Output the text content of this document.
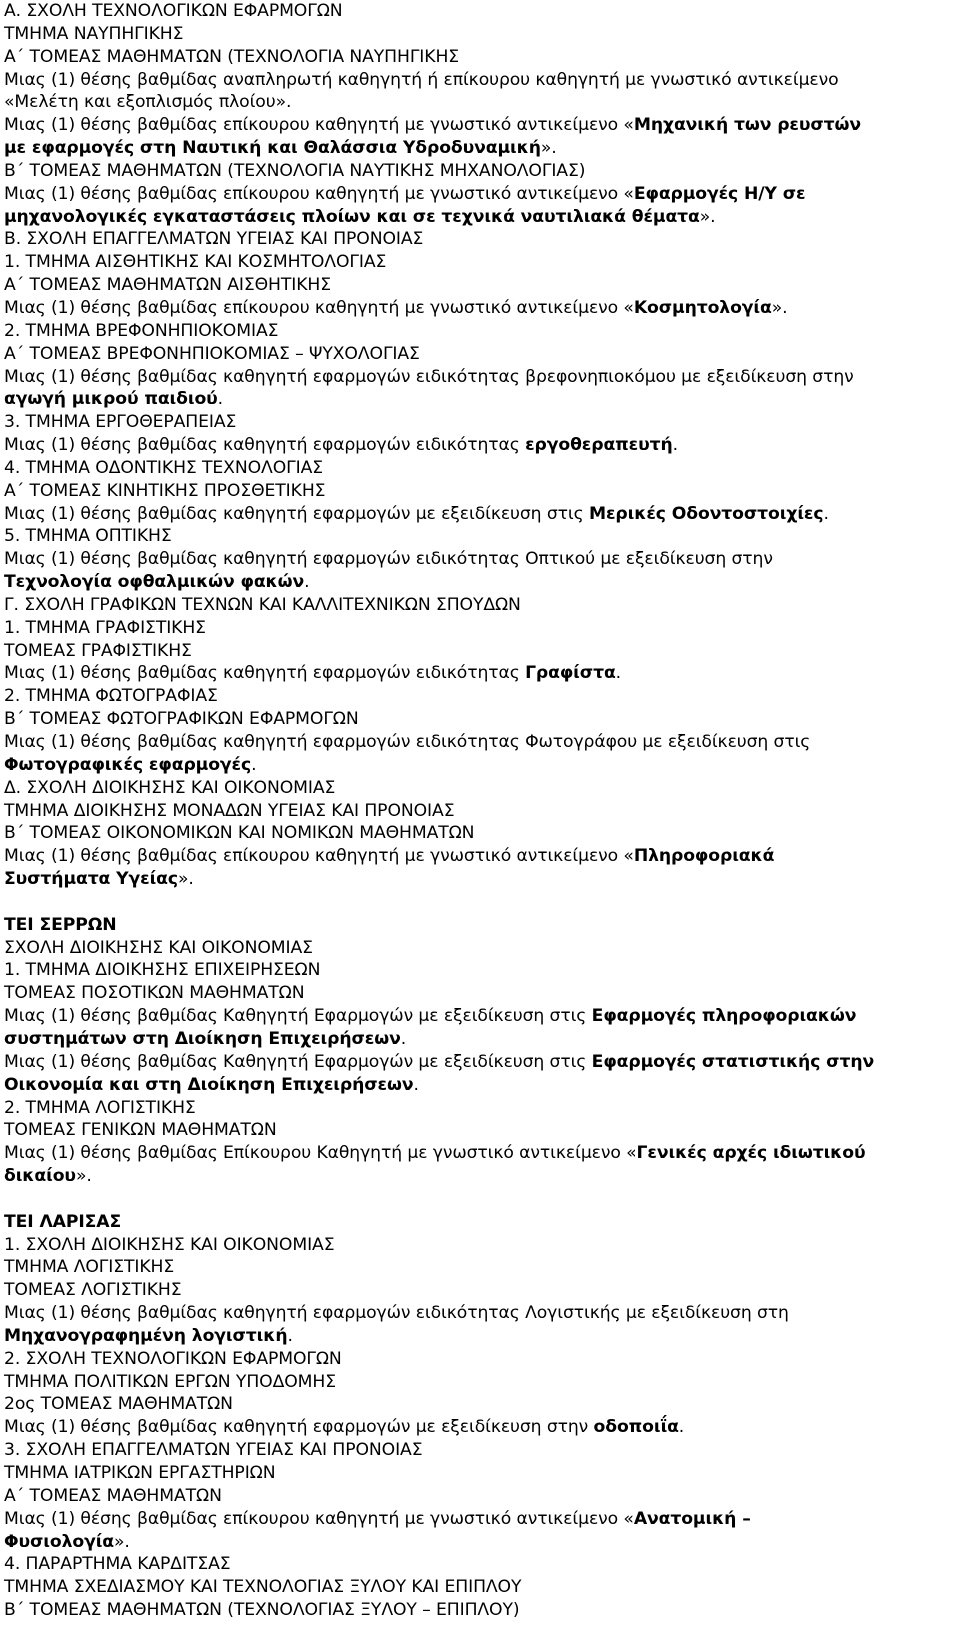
Α. ΣΧΟΛΗ ΤΕΧΝΟΛΟΓΙΚΩΝ ΕΦΑΡΜΟΓΩΝ
ΤΜΗΜΑ ΝΑΥΠΗΓΙΚΗΣ
Α΄ ΤΟΜΕΑΣ ΜΑΘΗΜΑΤΩΝ (ΤΕΧΝΟΛΟΓΙΑ ΝΑΥΠΗΓΙΚΗΣ
Μιας (1) θέσης βαθμίδας αναπληρωτή καθηγητή ή επίκουρου καθηγητή με γνωστικό αντικείμενο
«Μελέτη και εξοπλισμός πλοίου».
Μιας (1) θέσης βαθμίδας επίκουρου καθηγητή με γνωστικό αντικείμενο «Μηχανική των ρευστών
με εφαρμογές στη Ναυτική και Θαλάσσια Υδροδυναμική».
Β΄ ΤΟΜΕΑΣ ΜΑΘΗΜΑΤΩΝ (ΤΕΧΝΟΛΟΓΙΑ ΝΑΥΤΙΚΗΣ ΜΗΧΑΝΟΛΟΓΙΑΣ)
Μιας (1) θέσης βαθμίδας επίκουρου καθηγητή με γνωστικό αντικείμενο «Εφαρμογές Η/Υ σε
μηχανολογικές εγκαταστάσεις πλοίων και σε τεχνικά ναυτιλιακά θέματα».
Β. ΣΧΟΛΗ ΕΠΑΓΓΕΛΜΑΤΩΝ ΥΓΕΙΑΣ ΚΑΙ ΠΡΟΝΟΙΑΣ
1. ΤΜΗΜΑ ΑΙΣΘΗΤΙΚΗΣ ΚΑΙ ΚΟΣΜΗΤΟΛΟΓΙΑΣ
Α΄ ΤΟΜΕΑΣ ΜΑΘΗΜΑΤΩΝ ΑΙΣΘΗΤΙΚΗΣ
Μιας (1) θέσης βαθμίδας επίκουρου καθηγητή με γνωστικό αντικείμενο «Κοσμητολογία».
2. ΤΜΗΜΑ ΒΡΕΦΟΝΗΠΙΟΚΟΜΙΑΣ
Α΄ ΤΟΜΕΑΣ ΒΡΕΦΟΝΗΠΙΟΚΟΜΙΑΣ – ΨΥΧΟΛΟΓΙΑΣ
Μιας (1) θέσης βαθμίδας καθηγητή εφαρμογών ειδικότητας βρεφονηπιοκόμου με εξειδίκευση στην
αγωγή μικρού παιδιού.
3. ΤΜΗΜΑ ΕΡΓΟΘΕΡΑΠΕΙΑΣ
Μιας (1) θέσης βαθμίδας καθηγητή εφαρμογών ειδικότητας εργοθεραπευτή.
4. ΤΜΗΜΑ ΟΔΟΝΤΙΚΗΣ ΤΕΧΝΟΛΟΓΙΑΣ
Α΄ ΤΟΜΕΑΣ ΚΙΝΗΤΙΚΗΣ ΠΡΟΣΘΕΤΙΚΗΣ
Μιας (1) θέσης βαθμίδας καθηγητή εφαρμογών με εξειδίκευση στις Μερικές Οδοντοστοιχίες.
5. ΤΜΗΜΑ ΟΠΤΙΚΗΣ
Μιας (1) θέσης βαθμίδας καθηγητή εφαρμογών ειδικότητας Οπτικού με εξειδίκευση στην
Τεχνολογία οφθαλμικών φακών.
Γ. ΣΧΟΛΗ ΓΡΑΦΙΚΩΝ ΤΕΧΝΩΝ ΚΑΙ ΚΑΛΛΙΤΕΧΝΙΚΩΝ ΣΠΟΥΔΩΝ
1. ΤΜΗΜΑ ΓΡΑΦΙΣΤΙΚΗΣ
ΤΟΜΕΑΣ ΓΡΑΦΙΣΤΙΚΗΣ
Μιας (1) θέσης βαθμίδας καθηγητή εφαρμογών ειδικότητας Γραφίστα.
2. ΤΜΗΜΑ ΦΩΤΟΓΡΑΦΙΑΣ
Β΄ ΤΟΜΕΑΣ ΦΩΤΟΓΡΑΦΙΚΩΝ ΕΦΑΡΜΟΓΩΝ
Μιας (1) θέσης βαθμίδας καθηγητή εφαρμογών ειδικότητας Φωτογράφου με εξειδίκευση στις
Φωτογραφικές εφαρμογές.
Δ. ΣΧΟΛΗ ΔΙΟΙΚΗΣΗΣ ΚΑΙ ΟΙΚΟΝΟΜΙΑΣ
ΤΜΗΜΑ ΔΙΟΙΚΗΣΗΣ ΜΟΝΑΔΩΝ ΥΓΕΙΑΣ ΚΑΙ ΠΡΟΝΟΙΑΣ
Β΄ ΤΟΜΕΑΣ ΟΙΚΟΝΟΜΙΚΩΝ ΚΑΙ ΝΟΜΙΚΩΝ ΜΑΘΗΜΑΤΩΝ
Μιας (1) θέσης βαθμίδας επίκουρου καθηγητή με γνωστικό αντικείμενο «Πληροφοριακά
Συστήματα Υγείας».
ΤΕΙ ΣΕΡΡΩΝ
ΣΧΟΛΗ ΔΙΟΙΚΗΣΗΣ ΚΑΙ ΟΙΚΟΝΟΜΙΑΣ
1. ΤΜΗΜΑ ΔΙΟΙΚΗΣΗΣ ΕΠΙΧΕΙΡΗΣΕΩΝ
ΤΟΜΕΑΣ ΠΟΣΟΤΙΚΩΝ ΜΑΘΗΜΑΤΩΝ
Μιας (1) θέσης βαθμίδας Καθηγητή Εφαρμογών με εξειδίκευση στις Εφαρμογές πληροφοριακών
συστημάτων στη Διοίκηση Επιχειρήσεων.
Μιας (1) θέσης βαθμίδας Καθηγητή Εφαρμογών με εξειδίκευση στις Εφαρμογές στατιστικής στην
Οικονομία και στη Διοίκηση Επιχειρήσεων.
2. ΤΜΗΜΑ ΛΟΓΙΣΤΙΚΗΣ
ΤΟΜΕΑΣ ΓΕΝΙΚΩΝ ΜΑΘΗΜΑΤΩΝ
Μιας (1) θέσης βαθμίδας Επίκουρου Καθηγητή με γνωστικό αντικείμενο «Γενικές αρχές ιδιωτικού
δικαίου».
ΤΕΙ ΛΑΡΙΣΑΣ
1. ΣΧΟΛΗ ΔΙΟΙΚΗΣΗΣ ΚΑΙ ΟΙΚΟΝΟΜΙΑΣ
ΤΜΗΜΑ ΛΟΓΙΣΤΙΚΗΣ
ΤΟΜΕΑΣ ΛΟΓΙΣΤΙΚΗΣ
Μιας (1) θέσης βαθμίδας καθηγητή εφαρμογών ειδικότητας Λογιστικής με εξειδίκευση στη
Μηχανογραφημένη λογιστική.
2. ΣΧΟΛΗ ΤΕΧΝΟΛΟΓΙΚΩΝ ΕΦΑΡΜΟΓΩΝ
ΤΜΗΜΑ ΠΟΛΙΤΙΚΩΝ ΕΡΓΩΝ ΥΠΟΔΟΜΗΣ
2ος ΤΟΜΕΑΣ ΜΑΘΗΜΑΤΩΝ
Μιας (1) θέσης βαθμίδας καθηγητή εφαρμογών με εξειδίκευση στην οδοποιΐα.
3. ΣΧΟΛΗ ΕΠΑΓΓΕΛΜΑΤΩΝ ΥΓΕΙΑΣ ΚΑΙ ΠΡΟΝΟΙΑΣ
ΤΜΗΜΑ ΙΑΤΡΙΚΩΝ ΕΡΓΑΣΤΗΡΙΩΝ
Α΄ ΤΟΜΕΑΣ ΜΑΘΗΜΑΤΩΝ
Μιας (1) θέσης βαθμίδας επίκουρου καθηγητή με γνωστικό αντικείμενο «Ανατομική –
Φυσιολογία».
4. ΠΑΡΑΡΤΗΜΑ ΚΑΡΔΙΤΣΑΣ
ΤΜΗΜΑ ΣΧΕΔΙΑΣΜΟΥ ΚΑΙ ΤΕΧΝΟΛΟΓΙΑΣ ΞΥΛΟΥ ΚΑΙ ΕΠΙΠΛΟΥ
Β΄ ΤΟΜΕΑΣ ΜΑΘΗΜΑΤΩΝ (ΤΕΧΝΟΛΟΓΙΑΣ ΞΥΛΟΥ – ΕΠΙΠΛΟΥ)
